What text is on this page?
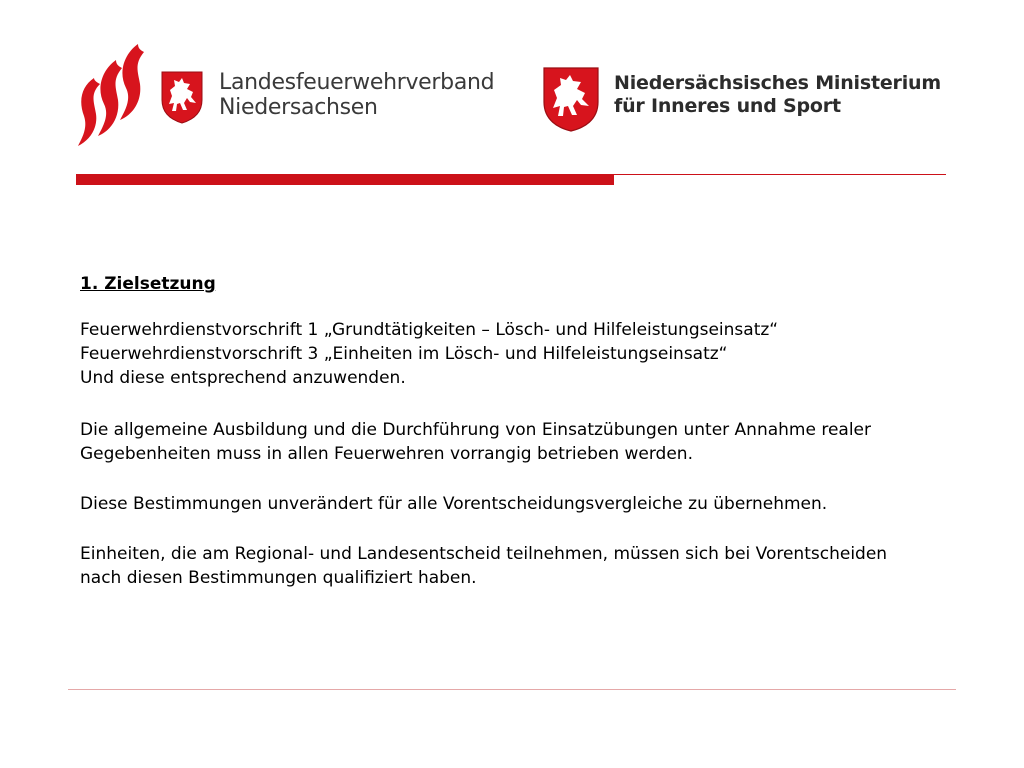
Landesfeuerwehrverband
Niedersachsen
Niedersächsisches Ministerium
für Inneres und Sport
1. Zielsetzung
Feuerwehrdienstvorschrift 1 „Grundtätigkeiten – Lösch- und Hilfeleistungseinsatz“
Feuerwehrdienstvorschrift 3 „Einheiten im Lösch- und Hilfeleistungseinsatz“
Und diese entsprechend anzuwenden.

Die allgemeine Ausbildung und die Durchführung von Einsatzübungen unter Annahme realer Gegebenheiten muss in allen Feuerwehren vorrangig betrieben werden.

Diese Bestimmungen unverändert für alle Vorentscheidungsvergleiche zu übernehmen.

Einheiten, die am Regional- und Landesentscheid teilnehmen, müssen sich bei Vorentscheiden nach diesen Bestimmungen qualifiziert haben.
